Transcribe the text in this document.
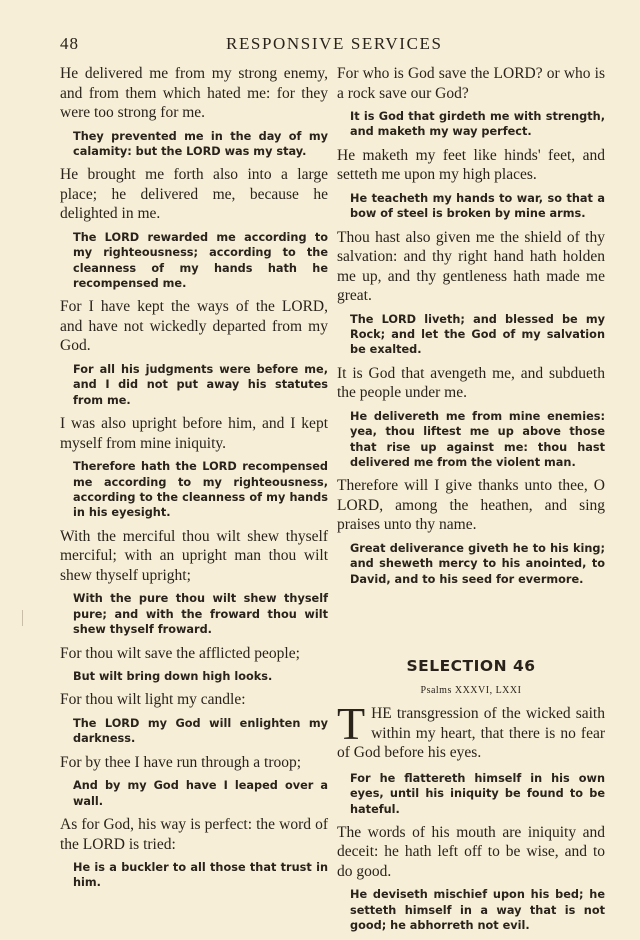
48	RESPONSIVE SERVICES

He delivered me from my strong enemy, and from them which hated me: for they were too strong for me.

They prevented me in the day of my calamity: but the LORD was my stay.

He brought me forth also into a large place; he delivered me, because he delighted in me.

The LORD rewarded me according to my righteousness; according to the cleanness of my hands hath he recompensed me.

For I have kept the ways of the LORD, and have not wickedly departed from my God.

For all his judgments were before me, and I did not put away his statutes from me.

I was also upright before him, and I kept myself from mine iniquity.

Therefore hath the LORD recompensed me according to my righteousness, according to the cleanness of my hands in his eyesight.

With the merciful thou wilt shew thyself merciful; with an upright man thou wilt shew thyself upright;

With the pure thou wilt shew thyself pure; and with the froward thou wilt shew thyself froward.

For thou wilt save the afflicted people;

But wilt bring down high looks.

For thou wilt light my candle:

The LORD my God will enlighten my darkness.

For by thee I have run through a troop;

And by my God have I leaped over a wall.

As for God, his way is perfect: the word of the LORD is tried:

He is a buckler to all those that trust in him.

For who is God save the LORD? or who is a rock save our God?

It is God that girdeth me with strength, and maketh my way perfect.

He maketh my feet like hinds' feet, and setteth me upon my high places.

He teacheth my hands to war, so that a bow of steel is broken by mine arms.

Thou hast also given me the shield of thy salvation: and thy right hand hath holden me up, and thy gentleness hath made me great.

The LORD liveth; and blessed be my Rock; and let the God of my salvation be exalted.

It is God that avengeth me, and subdueth the people under me.

He delivereth me from mine enemies: yea, thou liftest me up above those that rise up against me: thou hast delivered me from the violent man.

Therefore will I give thanks unto thee, O LORD, among the heathen, and sing praises unto thy name.

Great deliverance giveth he to his king; and sheweth mercy to his anointed, to David, and to his seed for evermore.

SELECTION 46
Psalms XXXVI, LXXI

THE transgression of the wicked saith within my heart, that there is no fear of God before his eyes.

For he flattereth himself in his own eyes, until his iniquity be found to be hateful.

The words of his mouth are iniquity and deceit: he hath left off to be wise, and to do good.

He deviseth mischief upon his bed; he setteth himself in a way that is not good; he abhorreth not evil.
